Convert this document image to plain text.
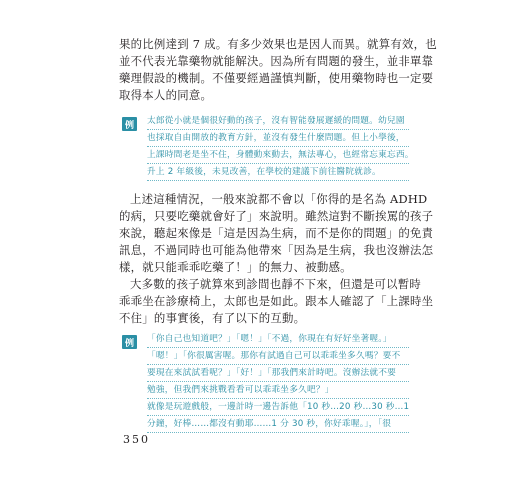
果的比例達到 7 成。有多少效果也是因人而異。就算有效，也

並不代表光靠藥物就能解決。因為所有問題的發生，並非單靠

藥理假設的機制。不僅要經過謹慎判斷，使用藥物時也一定要

取得本人的同意。

例	太郎從小就是個很好動的孩子，沒有智能發展遲緩的問題。幼兒園

也採取自由開放的教育方針，並沒有發生什麼問題。但上小學後，

上課時間老是坐不住，身體動來動去，無法專心，也經常忘東忘西。

升上 2 年級後，未見改善，在學校的建議下前往醫院就診。

上述這種情況，一般來說都不會以「你得的是名為 ADHD

的病，只要吃藥就會好了」來說明。雖然這對不斷挨罵的孩子

來說，聽起來像是「這是因為生病，而不是你的問題」的免責

訊息，不過同時也可能為他帶來「因為是生病，我也沒辦法怎

樣，就只能乖乖吃藥了！」的無力、被動感。

大多數的孩子就算來到診間也靜不下來，但還是可以暫時

乖乖坐在診療椅上，太郎也是如此。跟本人確認了「上課時坐

不住」的事實後，有了以下的互動。

例	「你自己也知道吧？」「嗯！」「不過，你現在有好好坐著喔。」

「嗯！」「你很厲害喔。那你有試過自己可以乖乖坐多久嗎？要不

要現在來試試看呢？」「好！」「那我們來計時吧。沒辦法就不要

勉強，但我們來挑戰看看可以乖乖坐多久吧？」

就像是玩遊戲般，一邊計時一邊告訴他「10 秒…20 秒…30 秒…1

分鐘，好棒……都沒有動耶……1 分 30 秒，你好乖喔。」，「很

350
